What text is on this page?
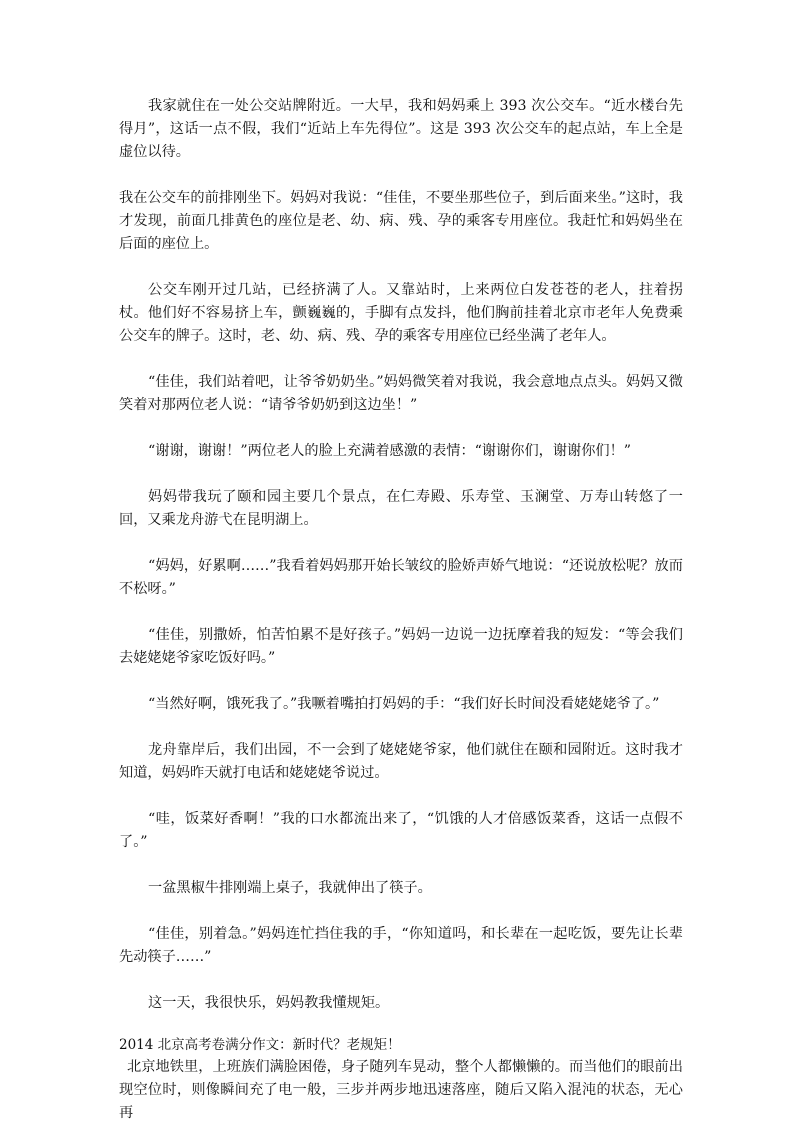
我家就住在一处公交站牌附近。一大早，我和妈妈乘上 393 次公交车。“近水楼台先得月”，这话一点不假，我们“近站上车先得位”。这是 393 次公交车的起点站，车上全是虚位以待。

我在公交车的前排刚坐下。妈妈对我说：“佳佳，不要坐那些位子，到后面来坐。”这时，我才发现，前面几排黄色的座位是老、幼、病、残、孕的乘客专用座位。我赶忙和妈妈坐在后面的座位上。

公交车刚开过几站，已经挤满了人。又靠站时，上来两位白发苍苍的老人，拄着拐杖。他们好不容易挤上车，颤巍巍的，手脚有点发抖，他们胸前挂着北京市老年人免费乘公交车的牌子。这时，老、幼、病、残、孕的乘客专用座位已经坐满了老年人。

“佳佳，我们站着吧，让爷爷奶奶坐。”妈妈微笑着对我说，我会意地点点头。妈妈又微笑着对那两位老人说：“请爷爷奶奶到这边坐！”

“谢谢，谢谢！”两位老人的脸上充满着感激的表情：“谢谢你们，谢谢你们！”

妈妈带我玩了颐和园主要几个景点，在仁寿殿、乐寿堂、玉澜堂、万寿山转悠了一回，又乘龙舟游弋在昆明湖上。

“妈妈，好累啊……”我看着妈妈那开始长皱纹的脸娇声娇气地说：“还说放松呢？放而不松呀。”

“佳佳，别撒娇，怕苦怕累不是好孩子。”妈妈一边说一边抚摩着我的短发：“等会我们去姥姥姥爷家吃饭好吗。”

“当然好啊，饿死我了。”我噘着嘴拍打妈妈的手：“我们好长时间没看姥姥姥爷了。”

龙舟靠岸后，我们出园，不一会到了姥姥姥爷家，他们就住在颐和园附近。这时我才知道，妈妈昨天就打电话和姥姥姥爷说过。

“哇，饭菜好香啊！”我的口水都流出来了，“饥饿的人才倍感饭菜香，这话一点假不了。”

一盆黑椒牛排刚端上桌子，我就伸出了筷子。

“佳佳，别着急。”妈妈连忙挡住我的手，“你知道吗，和长辈在一起吃饭，要先让长辈先动筷子……”

这一天，我很快乐，妈妈教我懂规矩。

2014 北京高考卷满分作文：新时代？老规矩！

北京地铁里，上班族们满脸困倦，身子随列车晃动，整个人都懒懒的。而当他们的眼前出现空位时，则像瞬间充了电一般，三步并两步地迅速落座，随后又陷入混沌的状态，无心再
